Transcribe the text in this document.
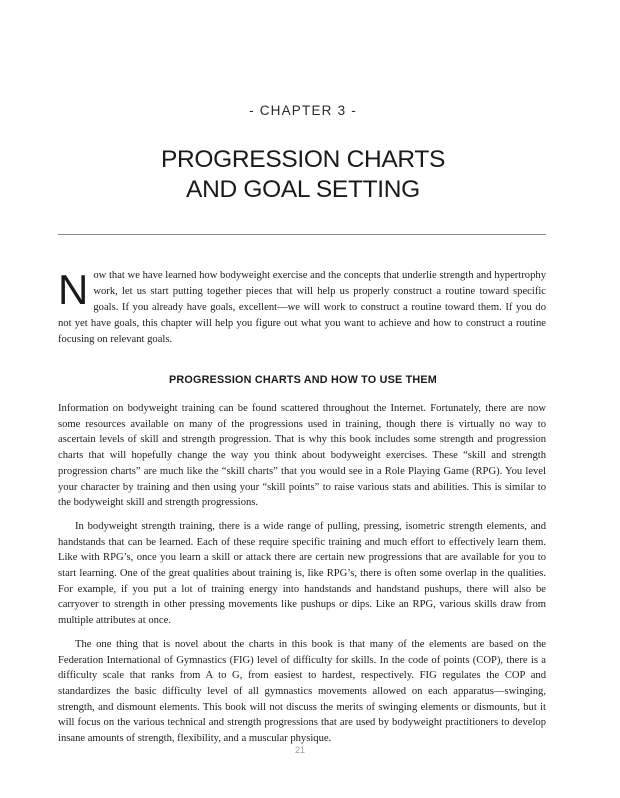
- CHAPTER 3 -
PROGRESSION CHARTS
AND GOAL SETTING

Now that we have learned how bodyweight exercise and the concepts that underlie strength and hypertrophy work, let us start putting together pieces that will help us properly construct a routine toward specific goals. If you already have goals, excellent—we will work to construct a routine toward them. If you do not yet have goals, this chapter will help you figure out what you want to achieve and how to construct a routine focusing on relevant goals.

PROGRESSION CHARTS AND HOW TO USE THEM

Information on bodyweight training can be found scattered throughout the Internet. Fortunately, there are now some resources available on many of the progressions used in training, though there is virtually no way to ascertain levels of skill and strength progression. That is why this book includes some strength and progression charts that will hopefully change the way you think about bodyweight exercises. These “skill and strength progression charts” are much like the “skill charts” that you would see in a Role Playing Game (RPG). You level your character by training and then using your “skill points” to raise various stats and abilities. This is similar to the bodyweight skill and strength progressions.

In bodyweight strength training, there is a wide range of pulling, pressing, isometric strength elements, and handstands that can be learned. Each of these require specific training and much effort to effectively learn them. Like with RPG’s, once you learn a skill or attack there are certain new progressions that are available for you to start learning. One of the great qualities about training is, like RPG’s, there is often some overlap in the qualities. For example, if you put a lot of training energy into handstands and handstand pushups, there will also be carryover to strength in other pressing movements like pushups or dips. Like an RPG, various skills draw from multiple attributes at once.

The one thing that is novel about the charts in this book is that many of the elements are based on the Federation International of Gymnastics (FIG) level of difficulty for skills. In the code of points (COP), there is a difficulty scale that ranks from A to G, from easiest to hardest, respectively. FIG regulates the COP and standardizes the basic difficulty level of all gymnastics movements allowed on each apparatus—swinging, strength, and dismount elements. This book will not discuss the merits of swinging elements or dismounts, but it will focus on the various technical and strength progressions that are used by bodyweight practitioners to develop insane amounts of strength, flexibility, and a muscular physique.

21
